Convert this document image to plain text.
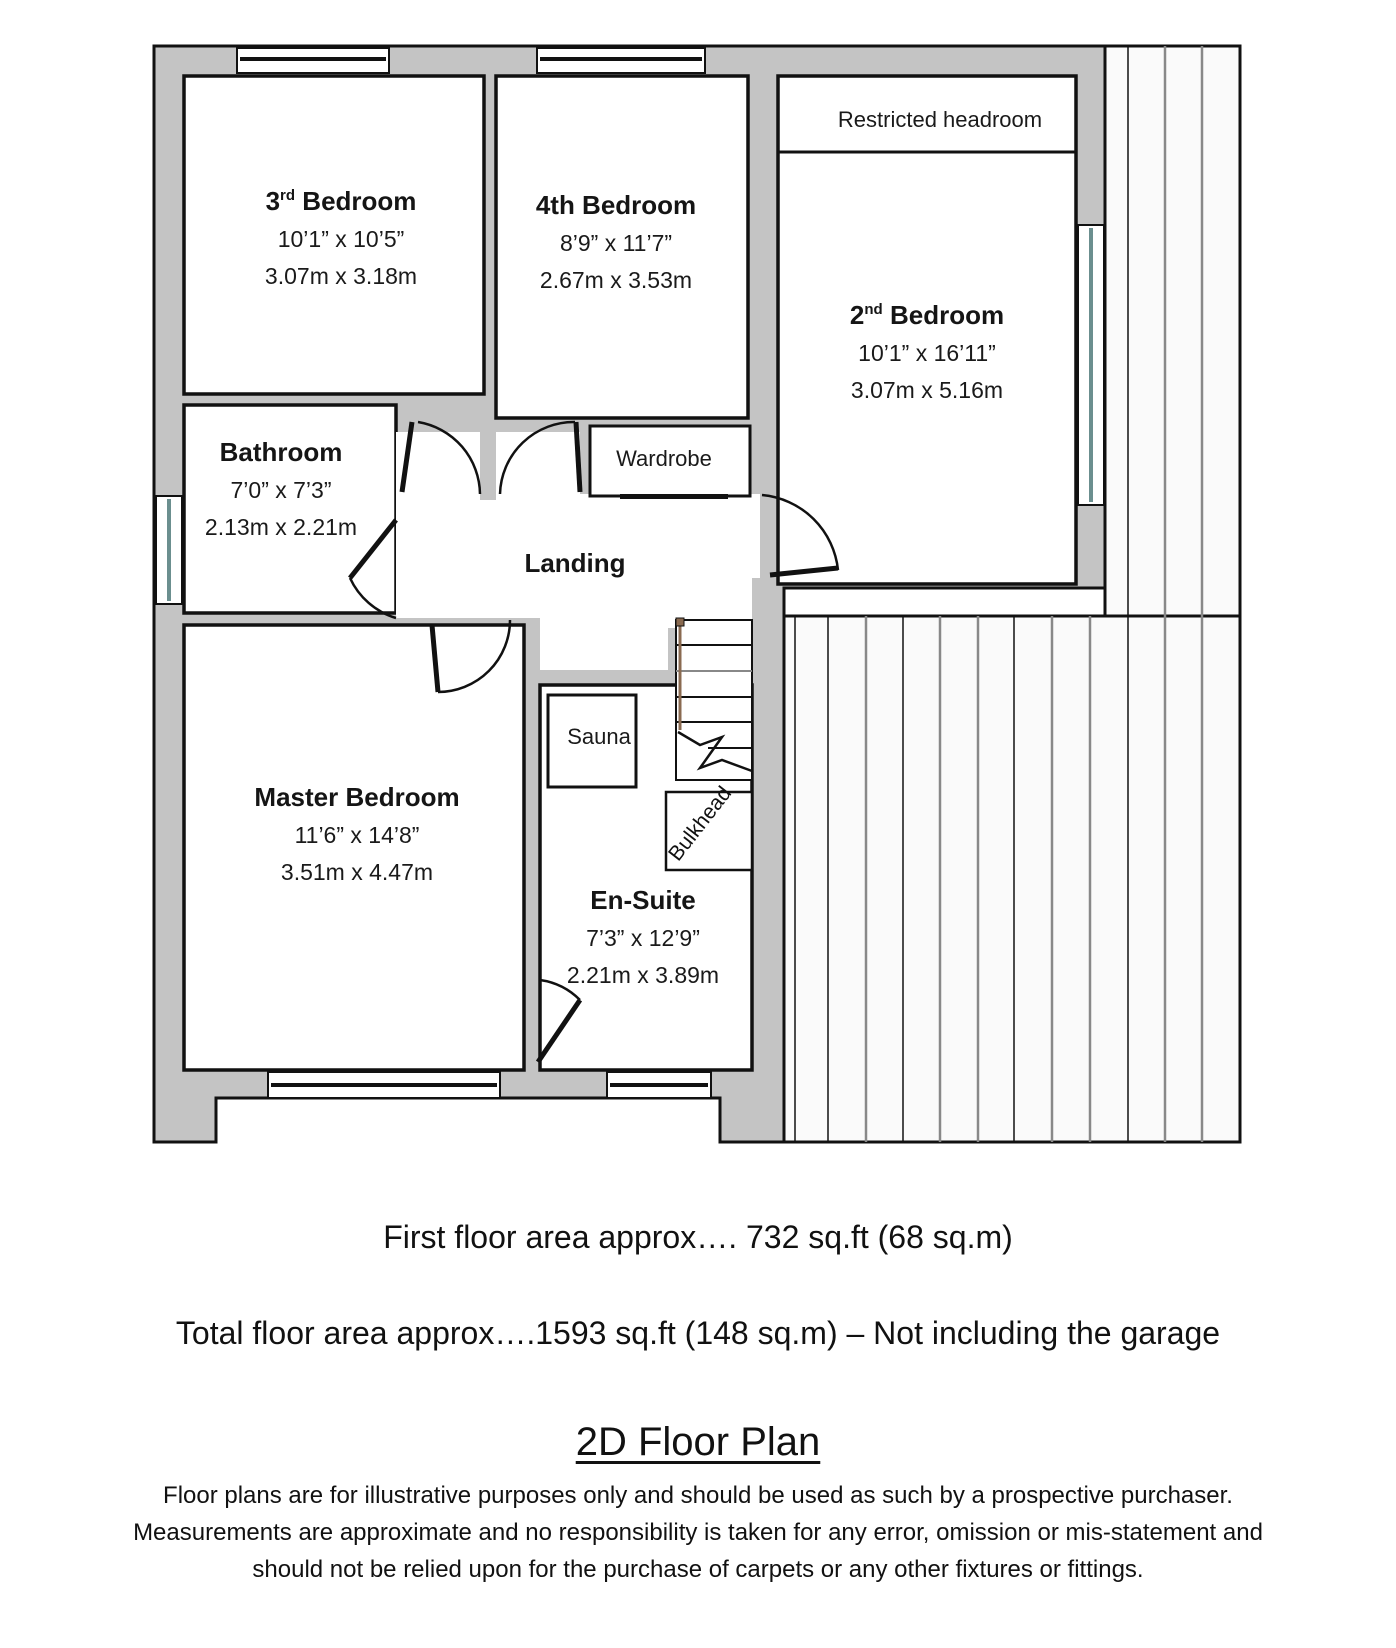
3rd Bedroom
10’1” x 10’5”
3.07m x 3.18m
4th Bedroom
8’9” x 11’7”
2.67m x 3.53m
2nd Bedroom
10’1” x 16’11”
3.07m x 5.16m
Bathroom
7’0” x 7’3”
2.13m x 2.21m
Landing
Master Bedroom
11’6” x 14’8”
3.51m x 4.47m
En-Suite
7’3” x 12’9”
2.21m x 3.89m
Restricted headroom
Wardrobe
Sauna
Bulkhead
First floor area approx…. 732 sq.ft (68 sq.m)
Total floor area approx….1593 sq.ft (148 sq.m) – Not including the garage
2D Floor Plan
Floor plans are for illustrative purposes only and should be used as such by a prospective purchaser.
Measurements are approximate and no responsibility is taken for any error, omission or mis-statement and
should not be relied upon for the purchase of carpets or any other fixtures or fittings.
